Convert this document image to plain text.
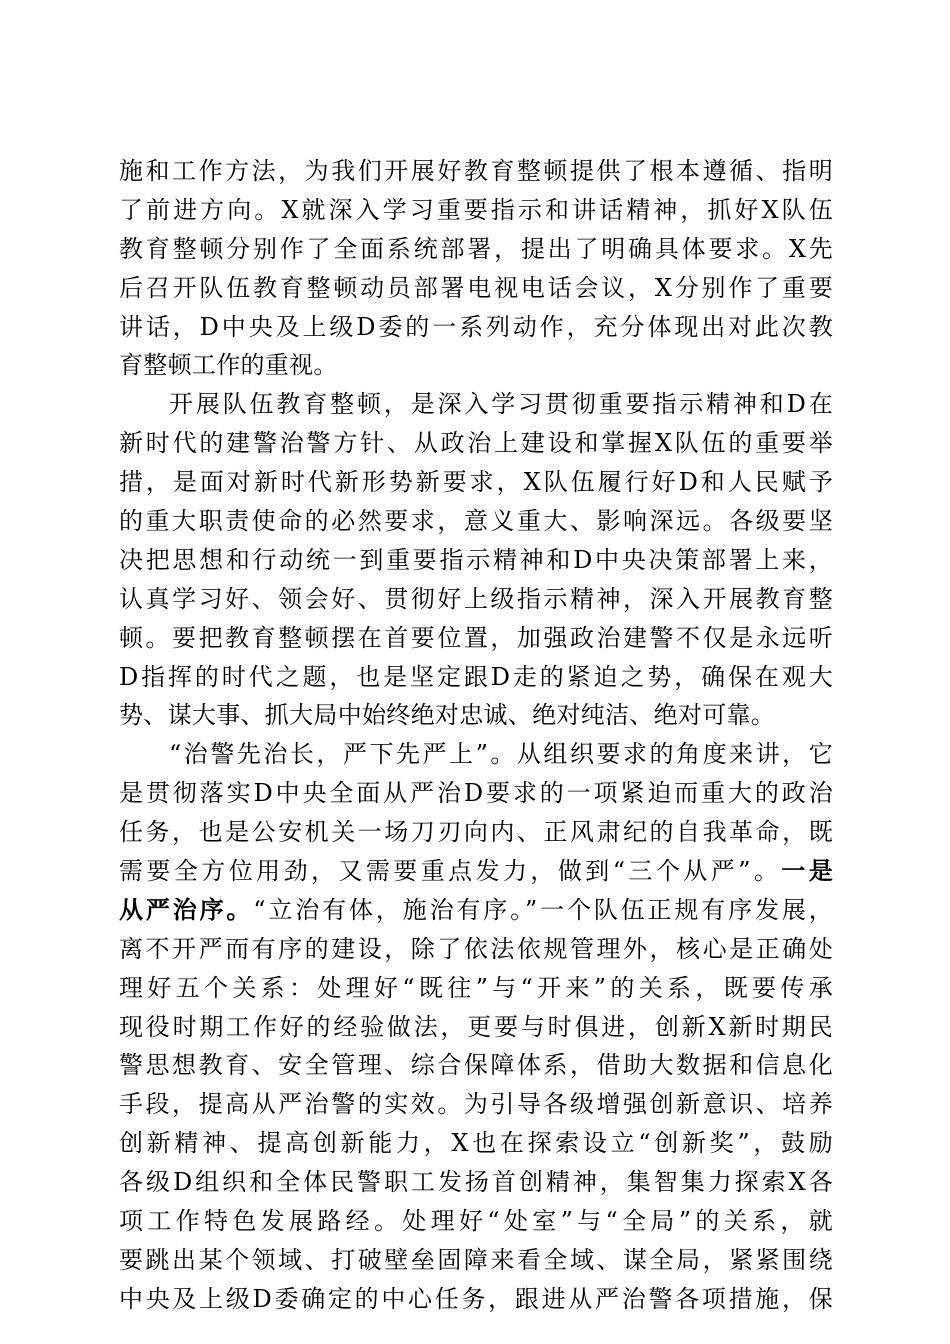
施和工作方法，为我们开展好教育整顿提供了根本遵循、指明
了前进方向。X就深入学习重要指示和讲话精神，抓好X队伍
教育整顿分别作了全面系统部署，提出了明确具体要求。X先
后召开队伍教育整顿动员部署电视电话会议，X分别作了重要
讲话，D中央及上级D委的一系列动作，充分体现出对此次教
育整顿工作的重视。
开展队伍教育整顿，是深入学习贯彻重要指示精神和D在
新时代的建警治警方针、从政治上建设和掌握X队伍的重要举
措，是面对新时代新形势新要求，X队伍履行好D和人民赋予
的重大职责使命的必然要求，意义重大、影响深远。各级要坚
决把思想和行动统一到重要指示精神和D中央决策部署上来，
认真学习好、领会好、贯彻好上级指示精神，深入开展教育整
顿。要把教育整顿摆在首要位置，加强政治建警不仅是永远听
D指挥的时代之题，也是坚定跟D走的紧迫之势，确保在观大
势、谋大事、抓大局中始终绝对忠诚、绝对纯洁、绝对可靠。
“治警先治长，严下先严上”。从组织要求的角度来讲，它
是贯彻落实D中央全面从严治D要求的一项紧迫而重大的政治
任务，也是公安机关一场刀刃向内、正风肃纪的自我革命，既
需要全方位用劲，又需要重点发力，做到“三个从严”。一是
从严治序。“立治有体，施治有序。”一个队伍正规有序发展，
离不开严而有序的建设，除了依法依规管理外，核心是正确处
理好五个关系：处理好“既往”与“开来”的关系，既要传承
现役时期工作好的经验做法，更要与时俱进，创新X新时期民
警思想教育、安全管理、综合保障体系，借助大数据和信息化
手段，提高从严治警的实效。为引导各级增强创新意识、培养
创新精神、提高创新能力，X也在探索设立“创新奖”，鼓励
各级D组织和全体民警职工发扬首创精神，集智集力探索X各
项工作特色发展路经。处理好“处室”与“全局”的关系，就
要跳出某个领域、打破壁垒固障来看全域、谋全局，紧紧围绕
中央及上级D委确定的中心任务，跟进从严治警各项措施，保
